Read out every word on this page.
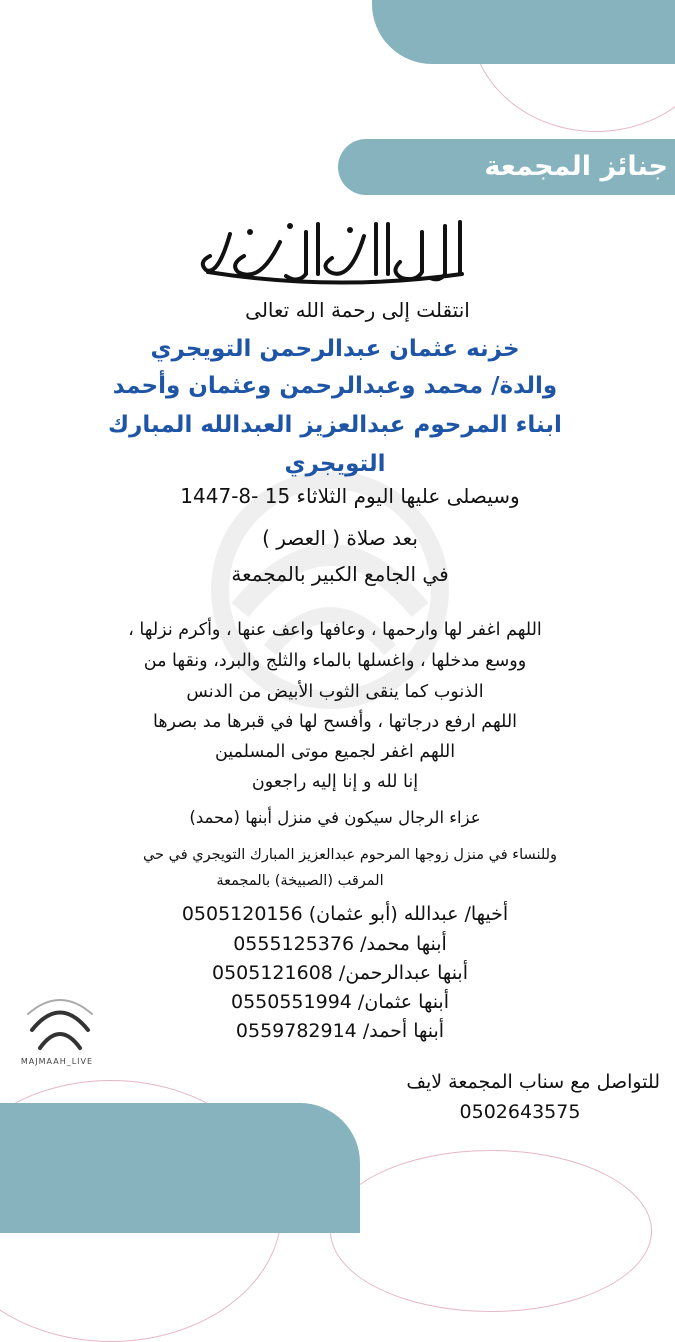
جنائز المجمعة
انتقلت إلى رحمة الله تعالى
خزنه عثمان عبدالرحمن التويجري
والدة/ محمد وعبدالرحمن وعثمان وأحمد
ابناء المرحوم عبدالعزيز العبدالله المبارك
التويجري
وسيصلى عليها اليوم الثلاثاء 15 -8-1447
بعد صلاة ( العصر )
في الجامع الكبير بالمجمعة
اللهم اغفر لها وارحمها ، وعافها واعف عنها ، وأكرم نزلها ،
ووسع مدخلها ، واغسلها بالماء والثلج والبرد، ونقها من
الذنوب كما ينقى الثوب الأبيض من الدنس
اللهم ارفع درجاتها ، وأفسح لها في قبرها مد بصرها
اللهم اغفر لجميع موتى المسلمين
إنا لله و إنا إليه راجعون
عزاء الرجال سيكون في منزل أبنها (محمد)
وللنساء في منزل زوجها المرحوم عبدالعزيز المبارك التويجري في حي
المرقب (الصبيخة) بالمجمعة
أخيها/ عبدالله (أبو عثمان) 0505120156
أبنها محمد/ 0555125376
أبنها عبدالرحمن/ 0505121608
أبنها عثمان/ 0550551994
أبنها أحمد/ 0559782914
MAJMAAH_LIVE
للتواصل مع سناب المجمعة لايف
0502643575
